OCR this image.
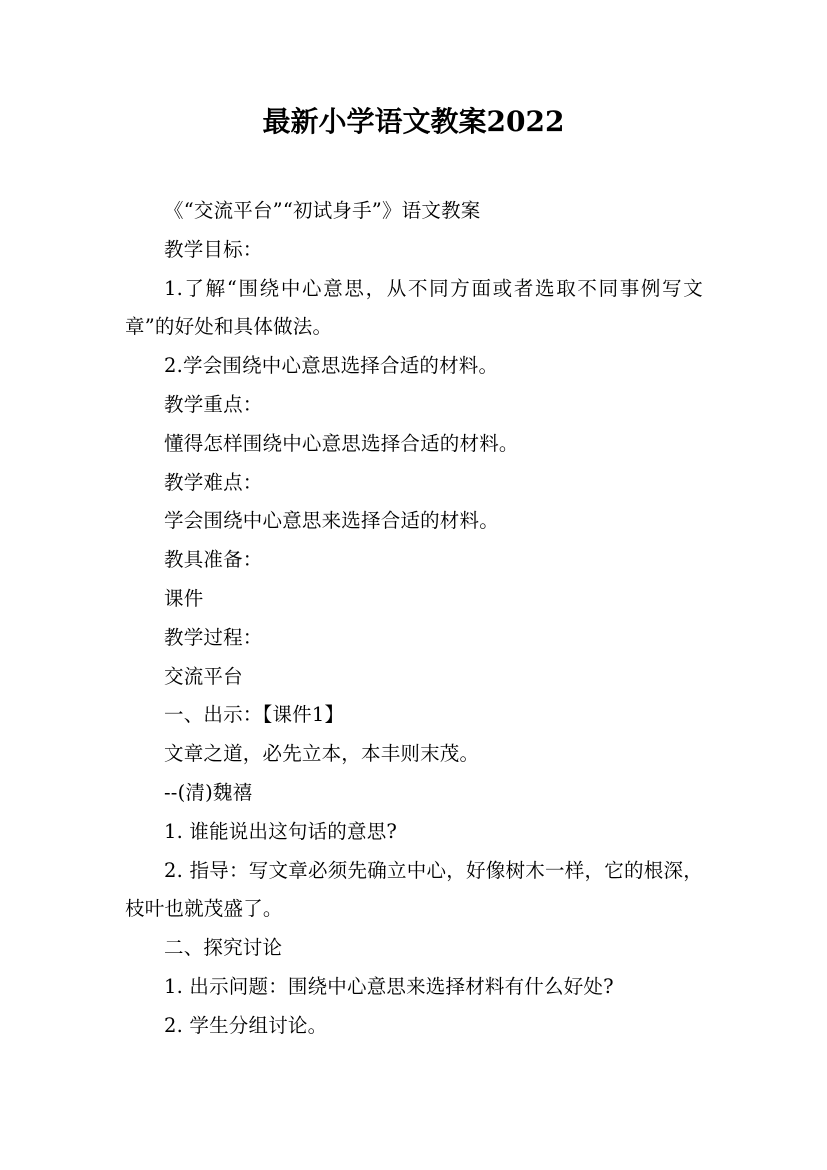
最新小学语文教案2022

《“交流平台”“初试身手”》语文教案

教学目标：

1.了解“围绕中心意思，从不同方面或者选取不同事例写文章”的好处和具体做法。

2.学会围绕中心意思选择合适的材料。

教学重点：

懂得怎样围绕中心意思选择合适的材料。

教学难点：

学会围绕中心意思来选择合适的材料。

教具准备：

课件

教学过程：

交流平台

一、出示：【课件1】

文章之道，必先立本，本丰则末茂。

--(清)魏禧

1. 谁能说出这句话的意思?

2. 指导：写文章必须先确立中心，好像树木一样，它的根深，枝叶也就茂盛了。

二、探究讨论

1. 出示问题：围绕中心意思来选择材料有什么好处?

2. 学生分组讨论。
